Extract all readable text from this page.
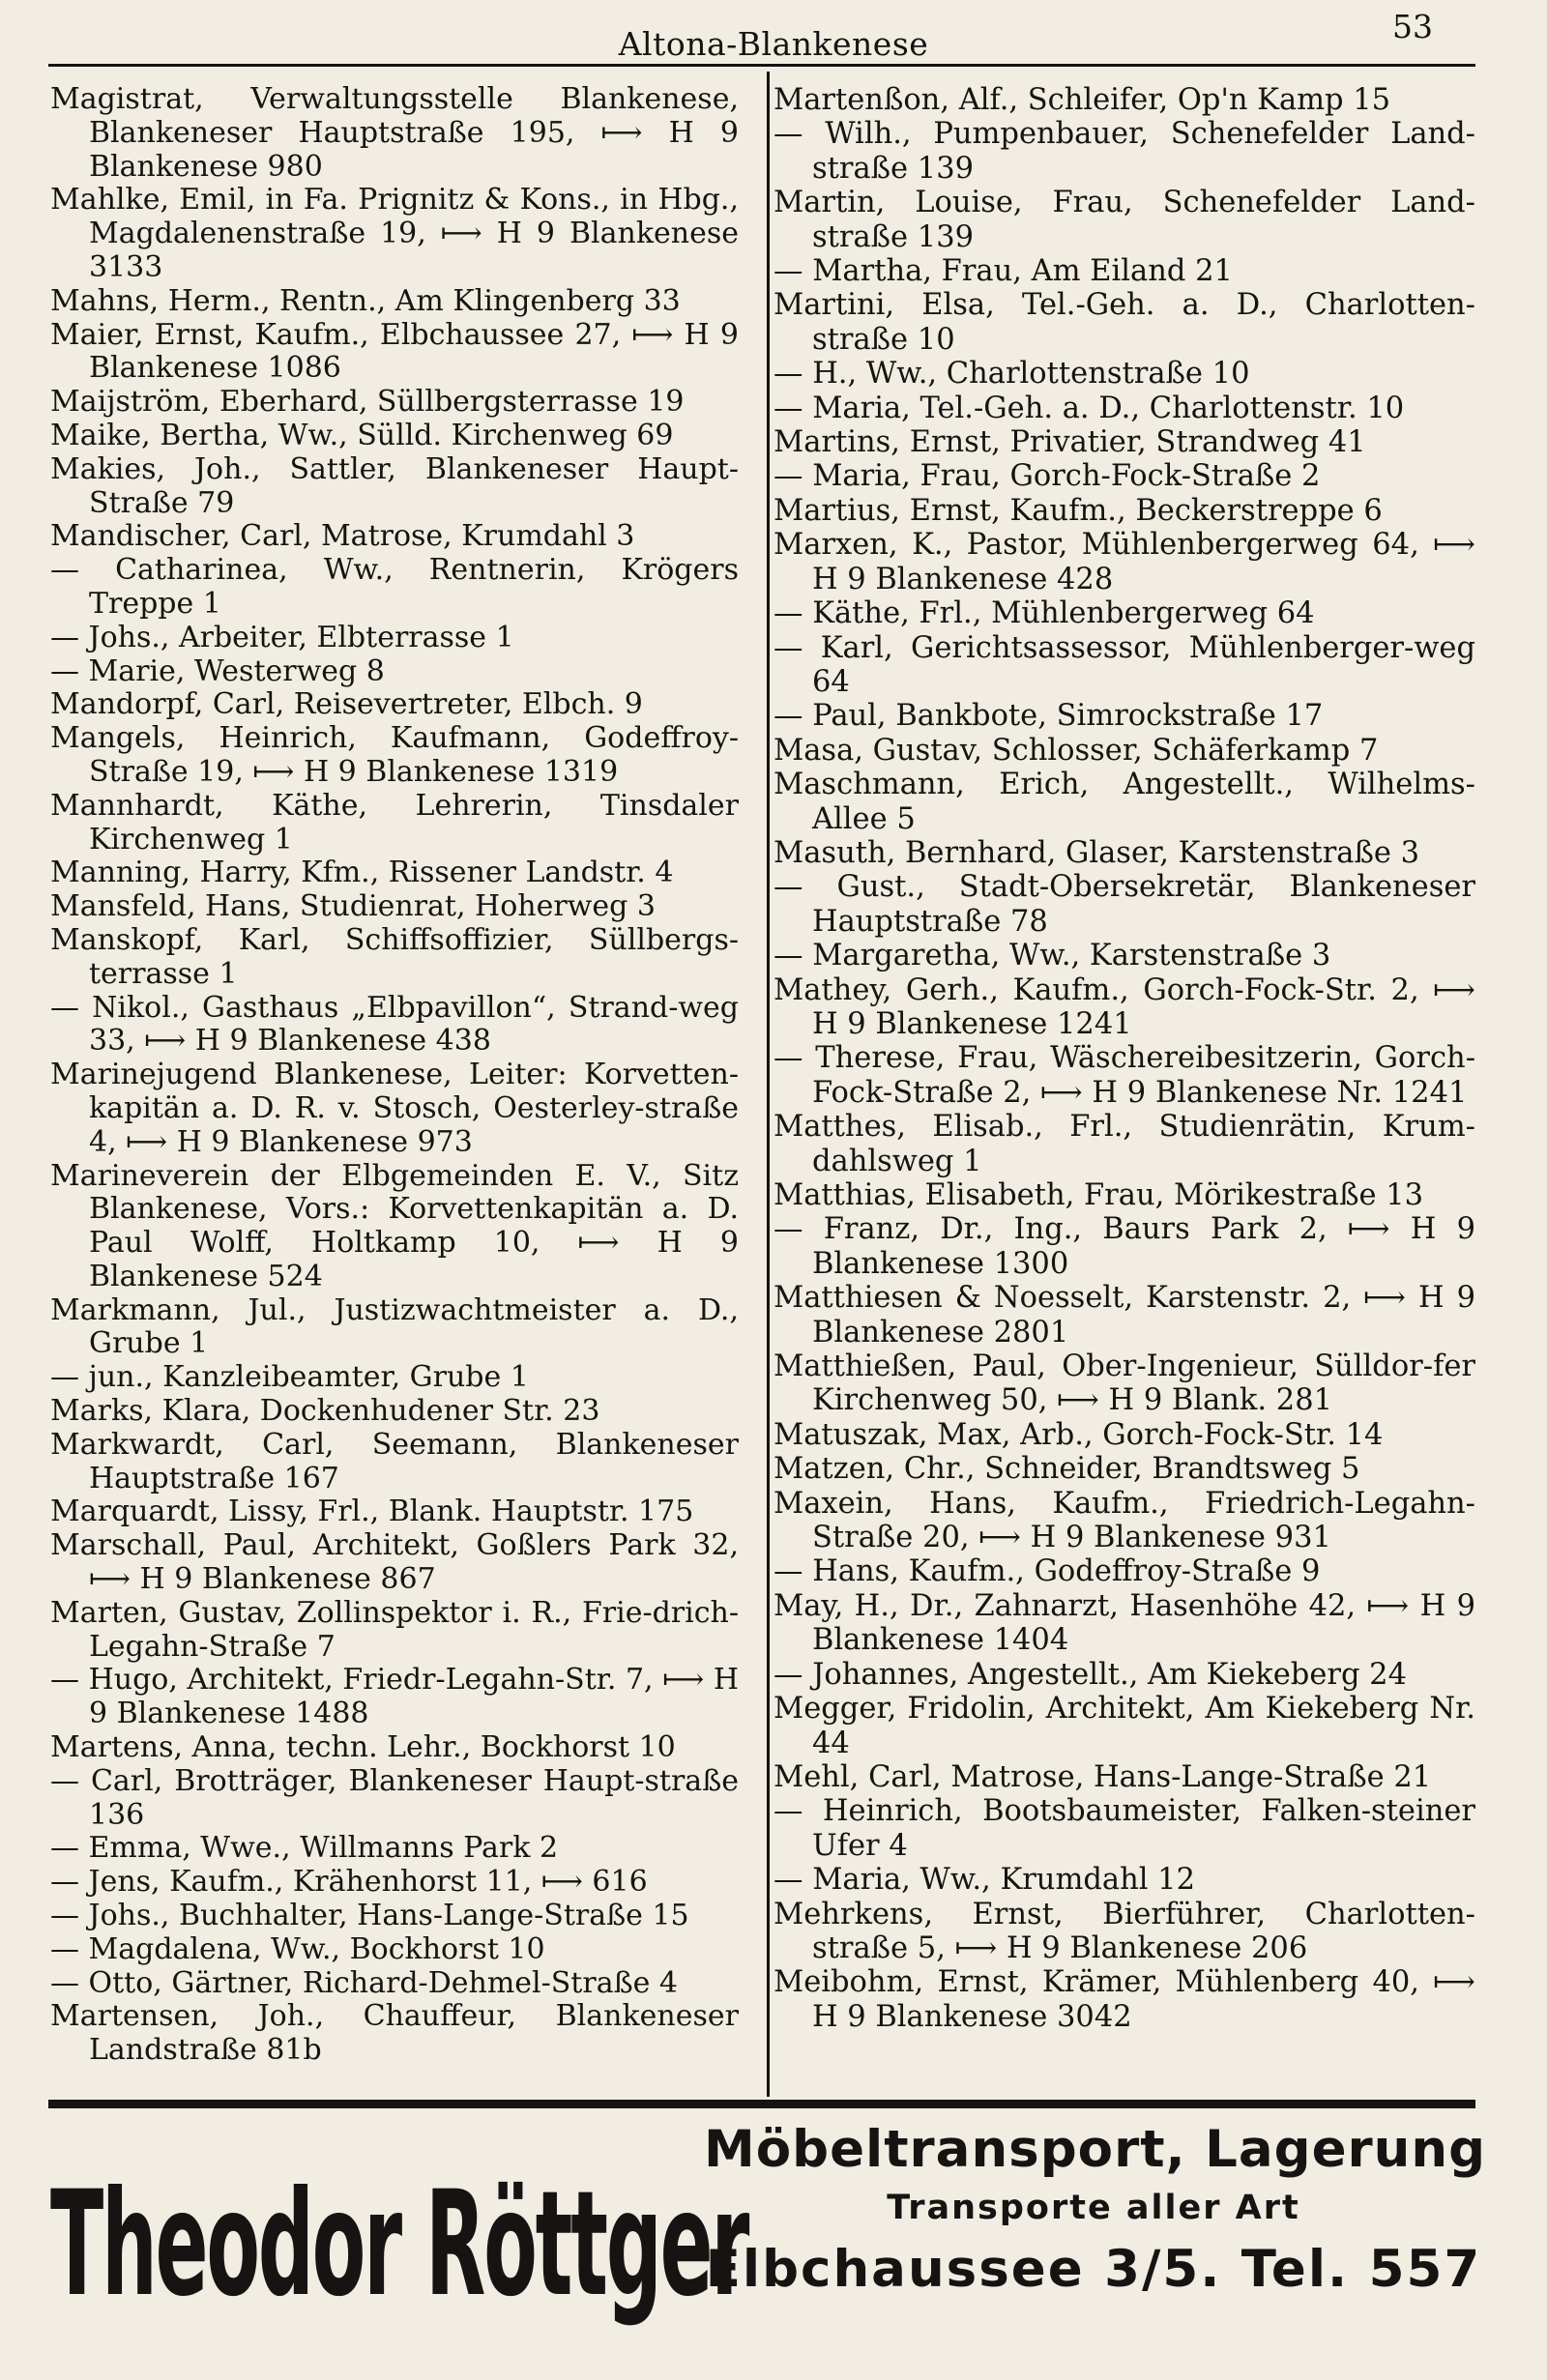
Altona-Blankenese	53
Magistrat, Verwaltungsstelle Blankenese, Blankeneser Hauptstraße 195, ⟼ H 9 Blankenese 980
Mahlke, Emil, in Fa. Prignitz & Kons., in Hbg., Magdalenenstraße 19, ⟼ H 9 Blankenese 3133
Mahns, Herm., Rentn., Am Klingenberg 33
Maier, Ernst, Kaufm., Elbchaussee 27, ⟼ H 9 Blankenese 1086
Maijström, Eberhard, Süllbergsterrasse 19
Maike, Bertha, Ww., Sülld. Kirchenweg 69
Makies, Joh., Sattler, Blankeneser Haupt-Straße 79
Mandischer, Carl, Matrose, Krumdahl 3
— Catharinea, Ww., Rentnerin, Krögers Treppe 1
— Johs., Arbeiter, Elbterrasse 1
— Marie, Westerweg 8
Mandorpf, Carl, Reisevertreter, Elbch. 9
Mangels, Heinrich, Kaufmann, Godeffroy-Straße 19, ⟼ H 9 Blankenese 1319
Mannhardt, Käthe, Lehrerin, Tinsdaler Kirchenweg 1
Manning, Harry, Kfm., Rissener Landstr. 4
Mansfeld, Hans, Studienrat, Hoherweg 3
Manskopf, Karl, Schiffsoffizier, Süllbergs-terrasse 1
— Nikol., Gasthaus „Elbpavillon“, Strand-weg 33, ⟼ H 9 Blankenese 438
Marinejugend Blankenese, Leiter: Korvetten-kapitän a. D. R. v. Stosch, Oesterley-straße 4, ⟼ H 9 Blankenese 973
Marineverein der Elbgemeinden E. V., Sitz Blankenese, Vors.: Korvettenkapitän a. D. Paul Wolff, Holtkamp 10, ⟼ H 9 Blankenese 524
Markmann, Jul., Justizwachtmeister a. D., Grube 1
— jun., Kanzleibeamter, Grube 1
Marks, Klara, Dockenhudener Str. 23
Markwardt, Carl, Seemann, Blankeneser Hauptstraße 167
Marquardt, Lissy, Frl., Blank. Hauptstr. 175
Marschall, Paul, Architekt, Goßlers Park 32, ⟼ H 9 Blankenese 867
Marten, Gustav, Zollinspektor i. R., Frie-drich-Legahn-Straße 7
— Hugo, Architekt, Friedr-Legahn-Str. 7, ⟼ H 9 Blankenese 1488
Martens, Anna, techn. Lehr., Bockhorst 10
— Carl, Brotträger, Blankeneser Haupt-straße 136
— Emma, Wwe., Willmanns Park 2
— Jens, Kaufm., Krähenhorst 11, ⟼ 616
— Johs., Buchhalter, Hans-Lange-Straße 15
— Magdalena, Ww., Bockhorst 10
— Otto, Gärtner, Richard-Dehmel-Straße 4
Martensen, Joh., Chauffeur, Blankeneser Landstraße 81b
Martenßon, Alf., Schleifer, Op'n Kamp 15
— Wilh., Pumpenbauer, Schenefelder Land-straße 139
Martin, Louise, Frau, Schenefelder Land-straße 139
— Martha, Frau, Am Eiland 21
Martini, Elsa, Tel.-Geh. a. D., Charlotten-straße 10
— H., Ww., Charlottenstraße 10
— Maria, Tel.-Geh. a. D., Charlottenstr. 10
Martins, Ernst, Privatier, Strandweg 41
— Maria, Frau, Gorch-Fock-Straße 2
Martius, Ernst, Kaufm., Beckerstreppe 6
Marxen, K., Pastor, Mühlenbergerweg 64, ⟼ H 9 Blankenese 428
— Käthe, Frl., Mühlenbergerweg 64
— Karl, Gerichtsassessor, Mühlenberger-weg 64
— Paul, Bankbote, Simrockstraße 17
Masa, Gustav, Schlosser, Schäferkamp 7
Maschmann, Erich, Angestellt., Wilhelms-Allee 5
Masuth, Bernhard, Glaser, Karstenstraße 3
— Gust., Stadt-Obersekretär, Blankeneser Hauptstraße 78
— Margaretha, Ww., Karstenstraße 3
Mathey, Gerh., Kaufm., Gorch-Fock-Str. 2, ⟼ H 9 Blankenese 1241
— Therese, Frau, Wäschereibesitzerin, Gorch-Fock-Straße 2, ⟼ H 9 Blankenese Nr. 1241
Matthes, Elisab., Frl., Studienrätin, Krum-dahlsweg 1
Matthias, Elisabeth, Frau, Mörikestraße 13
— Franz, Dr., Ing., Baurs Park 2, ⟼ H 9 Blankenese 1300
Matthiesen & Noesselt, Karstenstr. 2, ⟼ H 9 Blankenese 2801
Matthießen, Paul, Ober-Ingenieur, Sülldor-fer Kirchenweg 50, ⟼ H 9 Blank. 281
Matuszak, Max, Arb., Gorch-Fock-Str. 14
Matzen, Chr., Schneider, Brandtsweg 5
Maxein, Hans, Kaufm., Friedrich-Legahn-Straße 20, ⟼ H 9 Blankenese 931
— Hans, Kaufm., Godeffroy-Straße 9
May, H., Dr., Zahnarzt, Hasenhöhe 42, ⟼ H 9 Blankenese 1404
— Johannes, Angestellt., Am Kiekeberg 24
Megger, Fridolin, Architekt, Am Kiekeberg Nr. 44
Mehl, Carl, Matrose, Hans-Lange-Straße 21
— Heinrich, Bootsbaumeister, Falken-steiner Ufer 4
— Maria, Ww., Krumdahl 12
Mehrkens, Ernst, Bierführer, Charlotten-straße 5, ⟼ H 9 Blankenese 206
Meibohm, Ernst, Krämer, Mühlenberg 40, ⟼ H 9 Blankenese 3042
Theodor Röttger
Möbeltransport, Lagerung
Transporte aller Art
Elbchaussee 3/5. Tel. 557
